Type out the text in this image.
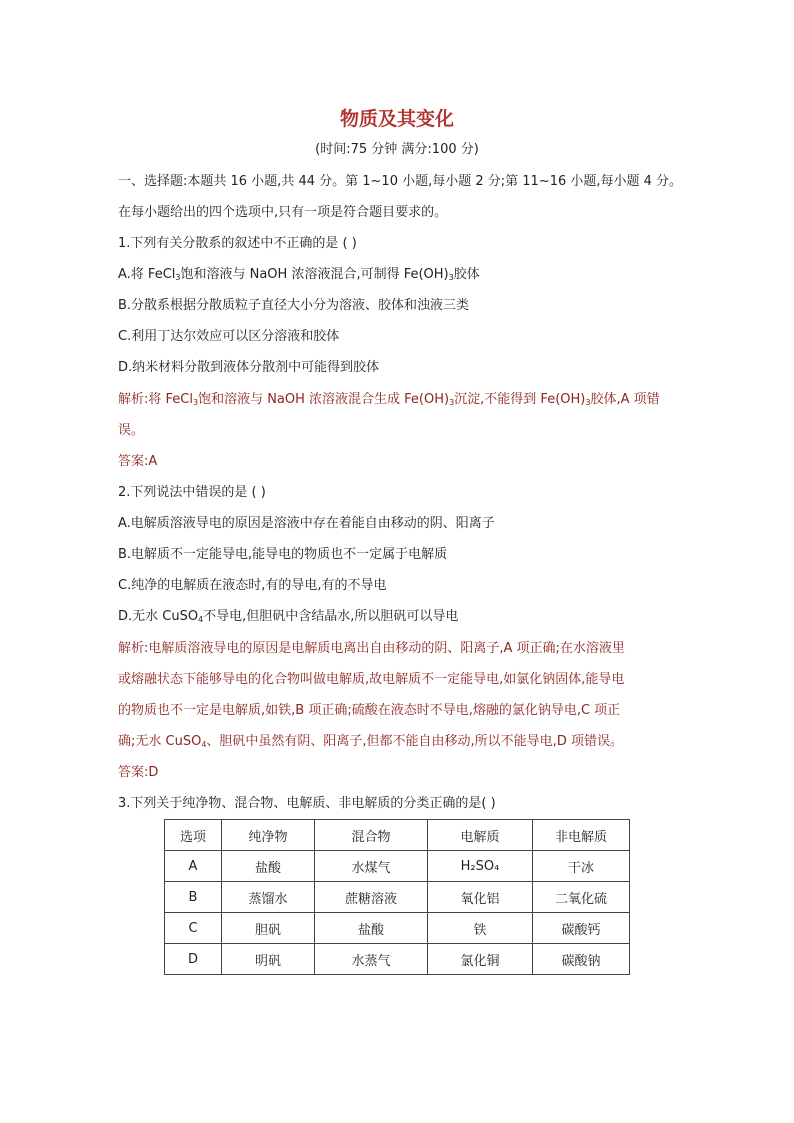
物质及其变化
(时间:75 分钟 满分:100 分)
一、选择题:本题共 16 小题,共 44 分。第 1~10 小题,每小题 2 分;第 11~16 小题,每小题 4 分。
在每小题给出的四个选项中,只有一项是符合题目要求的。
1.下列有关分散系的叙述中不正确的是 ( )
A.将 FeCl$_3$饱和溶液与 NaOH 浓溶液混合,可制得 $Fe(OH)_3$胶体
B.分散系根据分散质粒子直径大小分为溶液、胶体和浊液三类
C.利用丁达尔效应可以区分溶液和胶体
D.纳米材料分散到液体分散剂中可能得到胶体
解析:将 FeCl$_3$饱和溶液与 NaOH 浓溶液混合生成 $Fe(OH)_3$沉淀,不能得到 $Fe(OH)_3$胶体,A 项错
误。
答案:A
2.下列说法中错误的是 ( )
A.电解质溶液导电的原因是溶液中存在着能自由移动的阴、阳离子
B.电解质不一定能导电,能导电的物质也不一定属于电解质
C.纯净的电解质在液态时,有的导电,有的不导电
D.无水 CuSO$_4$不导电,但胆矾中含结晶水,所以胆矾可以导电
解析:电解质溶液导电的原因是电解质电离出自由移动的阴、阳离子,A 项正确;在水溶液里
或熔融状态下能够导电的化合物叫做电解质,故电解质不一定能导电,如氯化钠固体,能导电
的物质也不一定是电解质,如铁,B 项正确;硫酸在液态时不导电,熔融的氯化钠导电,C 项正
确;无水 CuSO$_4$、胆矾中虽然有阴、阳离子,但都不能自由移动,所以不能导电,D 项错误。
答案:D
3.下列关于纯净物、混合物、电解质、非电解质的分类正确的是( )
选项	纯净物	混合物	电解质	非电解质
A	盐酸	水煤气	H₂SO₄	干冰
B	蒸馏水	蔗糖溶液	氧化铝	二氧化硫
C	胆矾	盐酸	铁	碳酸钙
D	明矾	水蒸气	氯化铜	碳酸钠
